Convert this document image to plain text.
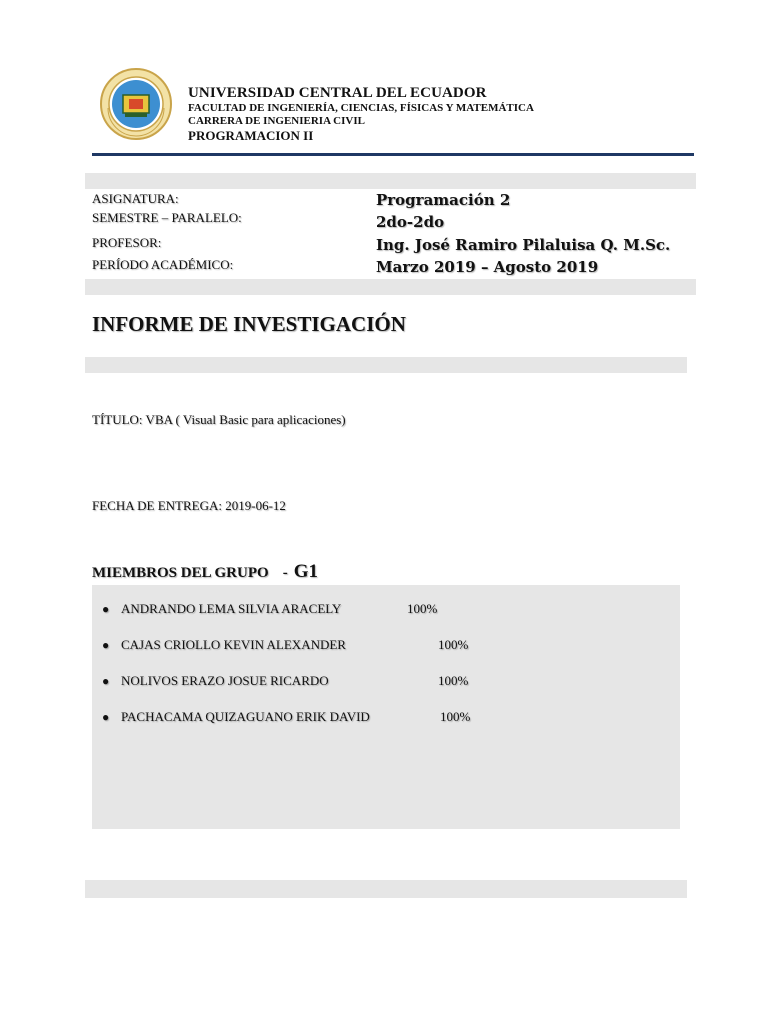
UNIVERSIDAD CENTRAL DEL ECUADOR
FACULTAD DE INGENIERÍA, CIENCIAS, FÍSICAS Y MATEMÁTICA
CARRERA DE INGENIERIA CIVIL
PROGRAMACION II
ASIGNATURA:	Programación 2
SEMESTRE – PARALELO:	2do-2do
PROFESOR:	Ing. José Ramiro Pilaluisa Q. M.Sc.
PERÍODO ACADÉMICO:	Marzo 2019 – Agosto 2019
INFORME DE INVESTIGACIÓN
TÍTULO: VBA ( Visual Basic para aplicaciones)
FECHA DE ENTREGA: 2019-06-12
MIEMBROS DEL GRUPO - G1
● ANDRANDO LEMA SILVIA ARACELY	100%
● CAJAS CRIOLLO KEVIN ALEXANDER	100%
● NOLIVOS ERAZO JOSUE RICARDO	100%
● PACHACAMA QUIZAGUANO ERIK DAVID	100%
